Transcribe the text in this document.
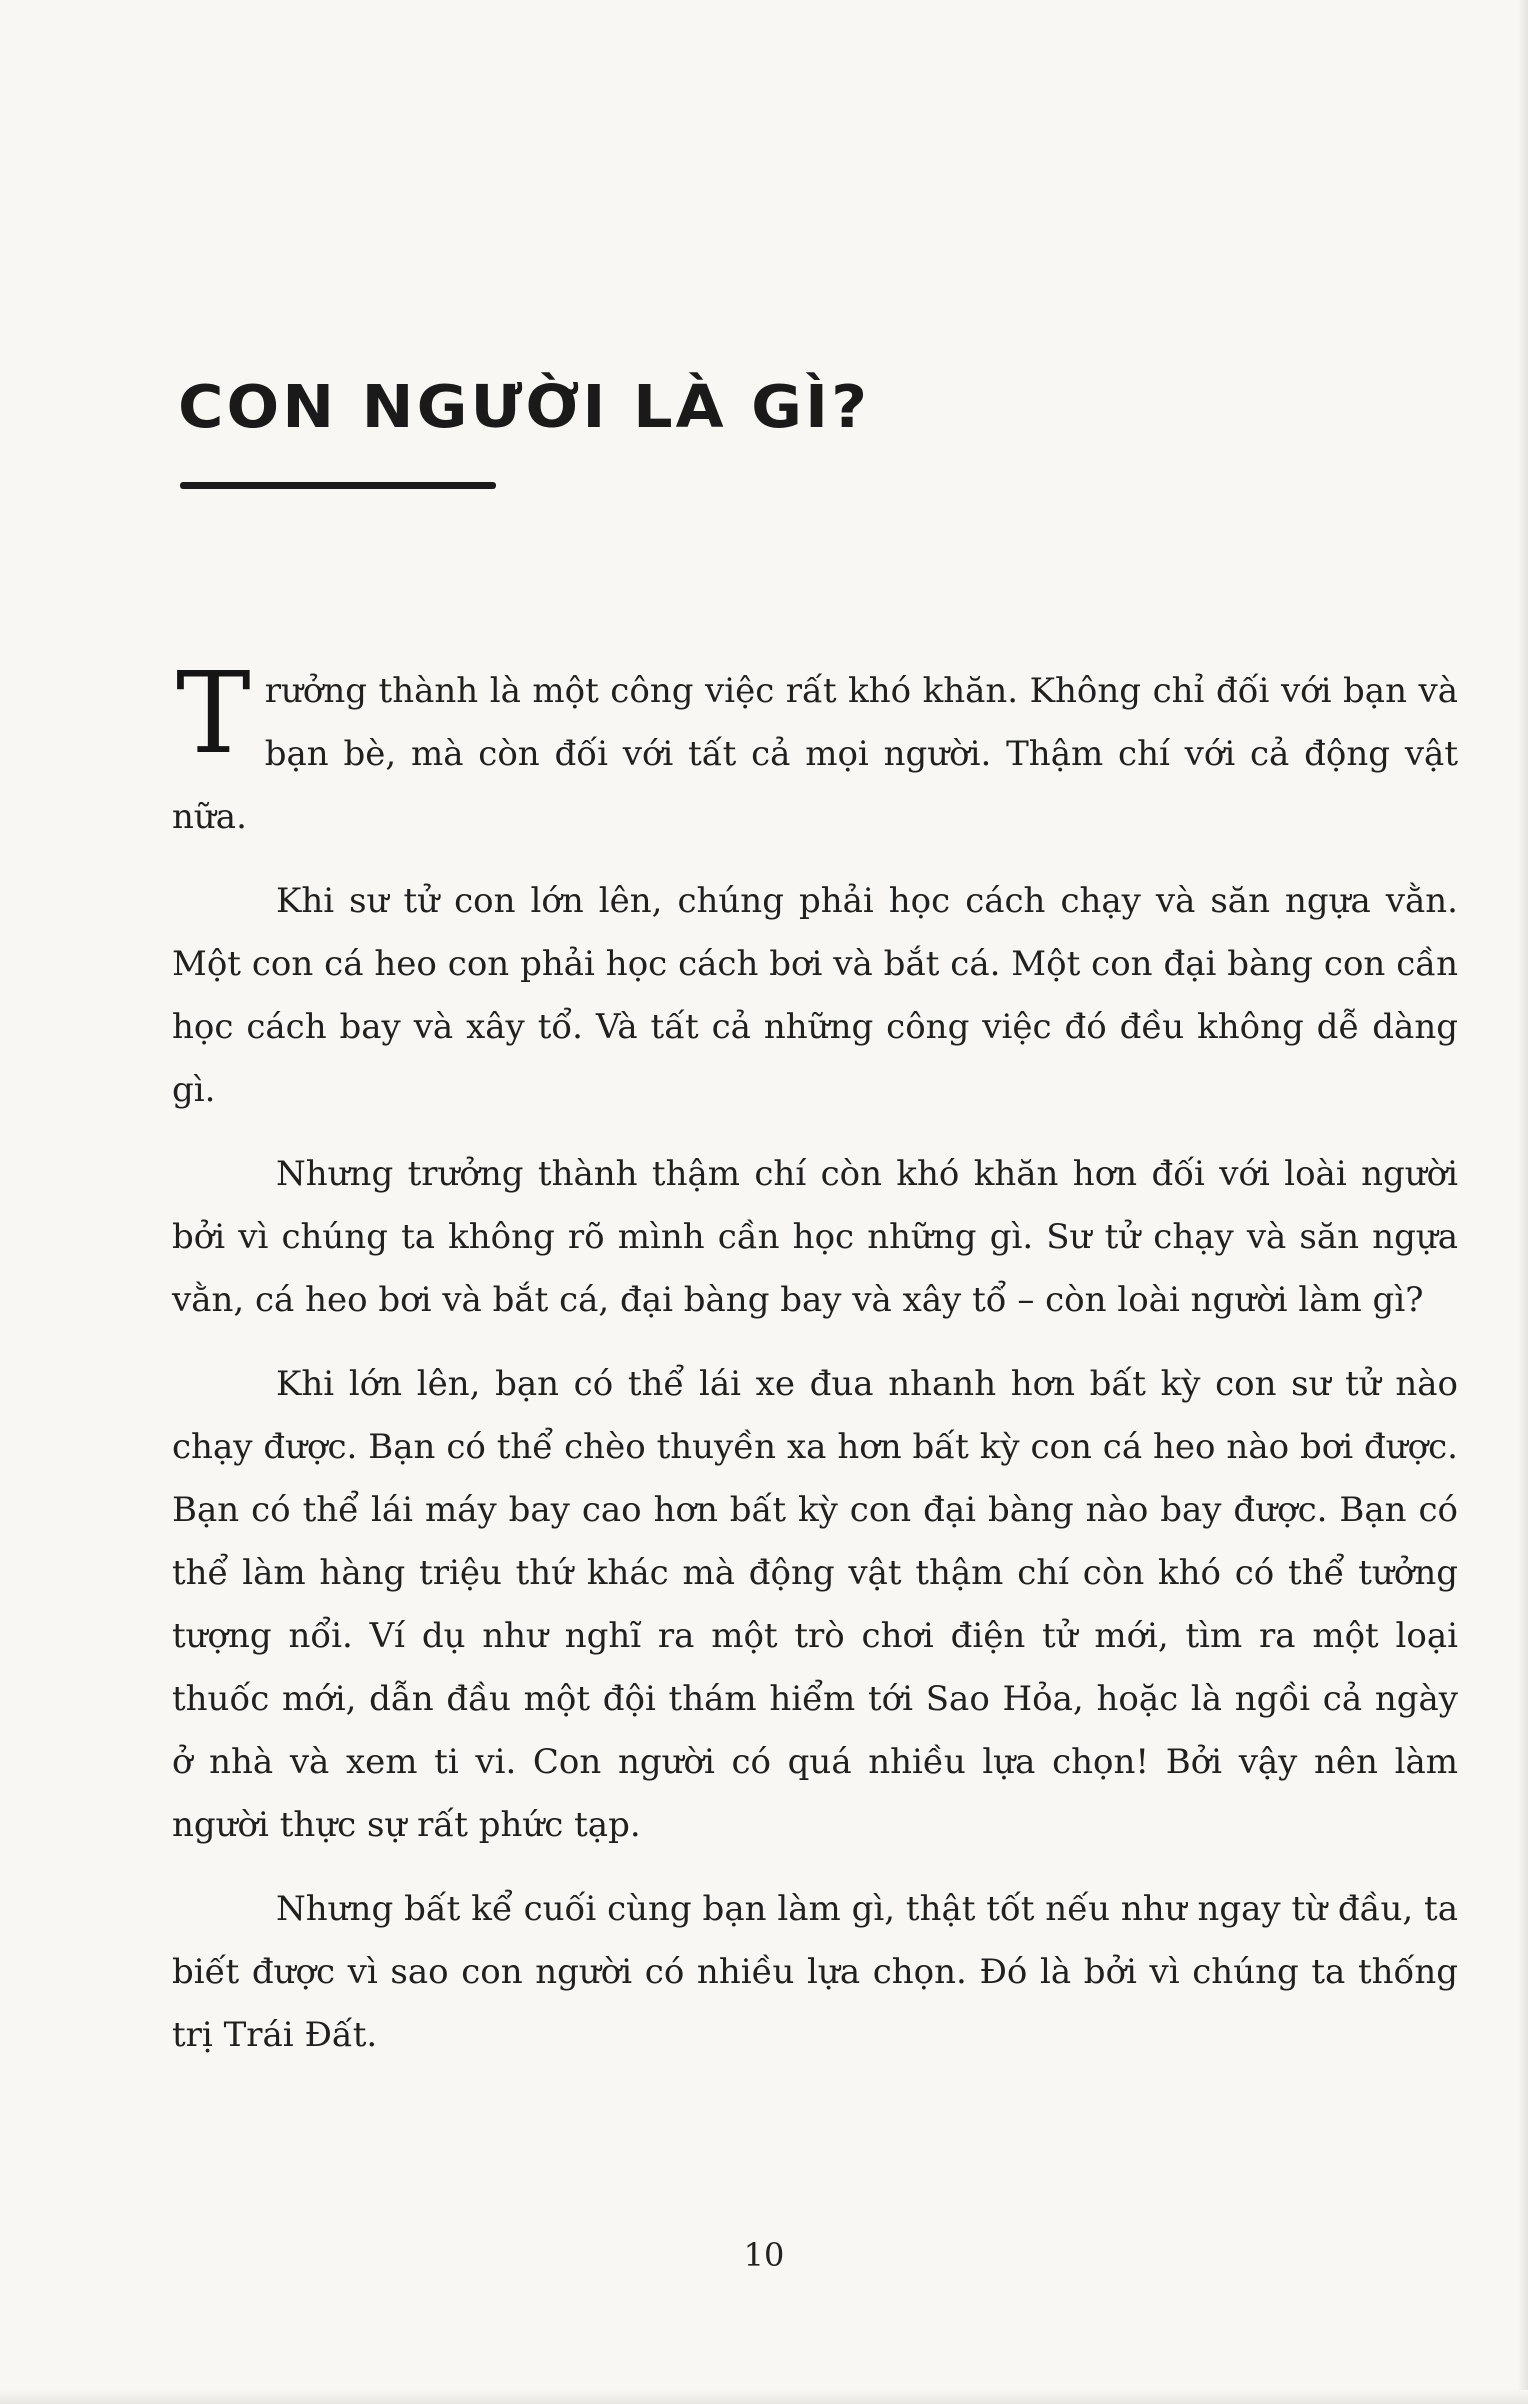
CON NGƯỜI LÀ GÌ?

Trưởng thành là một công việc rất khó khăn. Không chỉ đối với bạn và bạn bè, mà còn đối với tất cả mọi người. Thậm chí với cả động vật nữa.

Khi sư tử con lớn lên, chúng phải học cách chạy và săn ngựa vằn. Một con cá heo con phải học cách bơi và bắt cá. Một con đại bàng con cần học cách bay và xây tổ. Và tất cả những công việc đó đều không dễ dàng gì.

Nhưng trưởng thành thậm chí còn khó khăn hơn đối với loài người bởi vì chúng ta không rõ mình cần học những gì. Sư tử chạy và săn ngựa vằn, cá heo bơi và bắt cá, đại bàng bay và xây tổ – còn loài người làm gì?

Khi lớn lên, bạn có thể lái xe đua nhanh hơn bất kỳ con sư tử nào chạy được. Bạn có thể chèo thuyền xa hơn bất kỳ con cá heo nào bơi được. Bạn có thể lái máy bay cao hơn bất kỳ con đại bàng nào bay được. Bạn có thể làm hàng triệu thứ khác mà động vật thậm chí còn khó có thể tưởng tượng nổi. Ví dụ như nghĩ ra một trò chơi điện tử mới, tìm ra một loại thuốc mới, dẫn đầu một đội thám hiểm tới Sao Hỏa, hoặc là ngồi cả ngày ở nhà và xem ti vi. Con người có quá nhiều lựa chọn! Bởi vậy nên làm người thực sự rất phức tạp.

Nhưng bất kể cuối cùng bạn làm gì, thật tốt nếu như ngay từ đầu, ta biết được vì sao con người có nhiều lựa chọn. Đó là bởi vì chúng ta thống trị Trái Đất.

10
